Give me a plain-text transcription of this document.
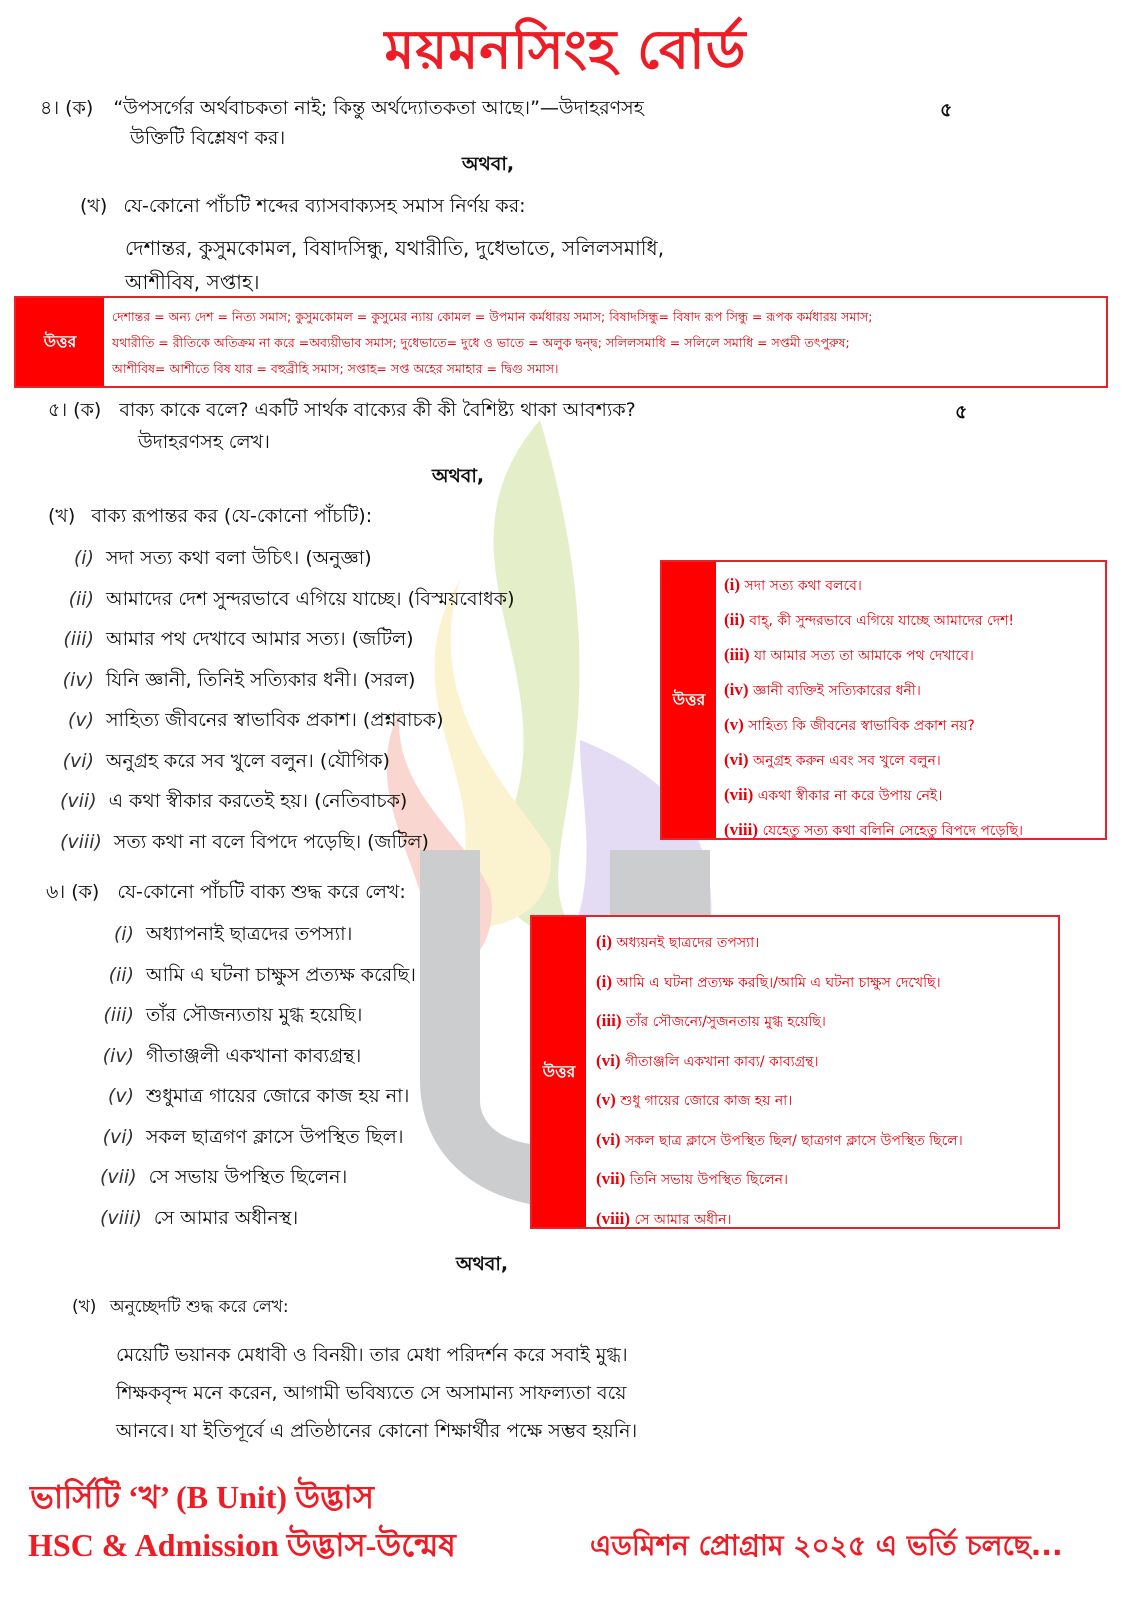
ময়মনসিংহ বোর্ড
৪। (ক) “উপসর্গের অর্থবাচকতা নাই; কিন্তু অর্থদ্যোতকতা আছে।”—উদাহরণসহ	৫
উক্তিটি বিশ্লেষণ কর।
অথবা,
(খ) যে-কোনো পাঁচটি শব্দের ব্যাসবাক্যসহ সমাস নির্ণয় কর:
দেশান্তর, কুসুমকোমল, বিষাদসিন্ধু, যথারীতি, দুধেভাতে, সলিলসমাধি,
আশীবিষ, সপ্তাহ।
উত্তর
দেশান্তর = অন্য দেশ = নিত্য সমাস; কুসুমকোমল = কুসুমের ন্যায় কোমল = উপমান কর্মধারয় সমাস; বিষাদসিন্ধু= বিষাদ রূপ সিন্ধু = রূপক কর্মধারয় সমাস;
যথারীতি = রীতিকে অতিক্রম না করে =অব্যয়ীভাব সমাস; দুধেভাতে= দুধে ও ভাতে = অলুক দ্বন্দ্ব; সলিলসমাধি = সলিলে সমাধি = সপ্তমী তৎপুরুষ;
আশীবিষ= আশীতে বিষ যার = বহুব্রীহি সমাস; সপ্তাহ= সপ্ত অহের সমাহার = দ্বিগু সমাস।
৫। (ক) বাক্য কাকে বলে? একটি সার্থক বাক্যের কী কী বৈশিষ্ট্য থাকা আবশ্যক?	৫
উদাহরণসহ লেখ।
অথবা,
(খ) বাক্য রূপান্তর কর (যে-কোনো পাঁচটি):
(i) সদা সত্য কথা বলা উচিৎ। (অনুজ্ঞা)
(ii) আমাদের দেশ সুন্দরভাবে এগিয়ে যাচ্ছে। (বিস্ময়বোধক)
(iii) আমার পথ দেখাবে আমার সত্য। (জটিল)
(iv) যিনি জ্ঞানী, তিনিই সত্যিকার ধনী। (সরল)
(v) সাহিত্য জীবনের স্বাভাবিক প্রকাশ। (প্রশ্নবাচক)
(vi) অনুগ্রহ করে সব খুলে বলুন। (যৌগিক)
(vii) এ কথা স্বীকার করতেই হয়। (নেতিবাচক)
(viii) সত্য কথা না বলে বিপদে পড়েছি। (জটিল)
উত্তর
(i) সদা সত্য কথা বলবে।
(ii) বাহ্, কী সুন্দরভাবে এগিয়ে যাচ্ছে আমাদের দেশ!
(iii) যা আমার সত্য তা আমাকে পথ দেখাবে।
(iv) জ্ঞানী ব্যক্তিই সত্যিকারের ধনী।
(v) সাহিত্য কি জীবনের স্বাভাবিক প্রকাশ নয়?
(vi) অনুগ্রহ করুন এবং সব খুলে বলুন।
(vii) একথা স্বীকার না করে উপায় নেই।
(viii) যেহেতু সত্য কথা বলিনি সেহেতু বিপদে পড়েছি।
৬। (ক) যে-কোনো পাঁচটি বাক্য শুদ্ধ করে লেখ:
(i) অধ্যাপনাই ছাত্রদের তপস্যা।
(ii) আমি এ ঘটনা চাক্ষুস প্রত্যক্ষ করেছি।
(iii) তাঁর সৌজন্যতায় মুগ্ধ হয়েছি।
(iv) গীতাঞ্জলী একখানা কাব্যগ্রন্থ।
(v) শুধুমাত্র গায়ের জোরে কাজ হয় না।
(vi) সকল ছাত্রগণ ক্লাসে উপস্থিত ছিল।
(vii) সে সভায় উপস্থিত ছিলেন।
(viii) সে আমার অধীনস্থ।
উত্তর
(i) অধ্যয়নই ছাত্রদের তপস্যা।
(i) আমি এ ঘটনা প্রত্যক্ষ করছি।/আমি এ ঘটনা চাক্ষুস দেখেছি।
(iii) তাঁর সৌজন্যে/সুজনতায় মুগ্ধ হয়েছি।
(vi) গীতাঞ্জলি একখানা কাব্য/ কাব্যগ্রন্থ।
(v) শুধু গায়ের জোরে কাজ হয় না।
(vi) সকল ছাত্র ক্লাসে উপস্থিত ছিল/ ছাত্রগণ ক্লাসে উপস্থিত ছিলে।
(vii) তিনি সভায় উপস্থিত ছিলেন।
(viii) সে আমার অধীন।
অথবা,
(খ) অনুচ্ছেদটি শুদ্ধ করে লেখ:
মেয়েটি ভয়ানক মেধাবী ও বিনয়ী। তার মেধা পরিদর্শন করে সবাই মুগ্ধ।
শিক্ষকবৃন্দ মনে করেন, আগামী ভবিষ্যতে সে অসামান্য সাফল্যতা বয়ে
আনবে। যা ইতিপূর্বে এ প্রতিষ্ঠানের কোনো শিক্ষার্থীর পক্ষে সম্ভব হয়নি।
ভার্সিটি ‘খ’ (B Unit) উদ্ভাস
HSC & Admission উদ্ভাস-উন্মেষ	এডমিশন প্রোগ্রাম ২০২৫ এ ভর্তি চলছে...
